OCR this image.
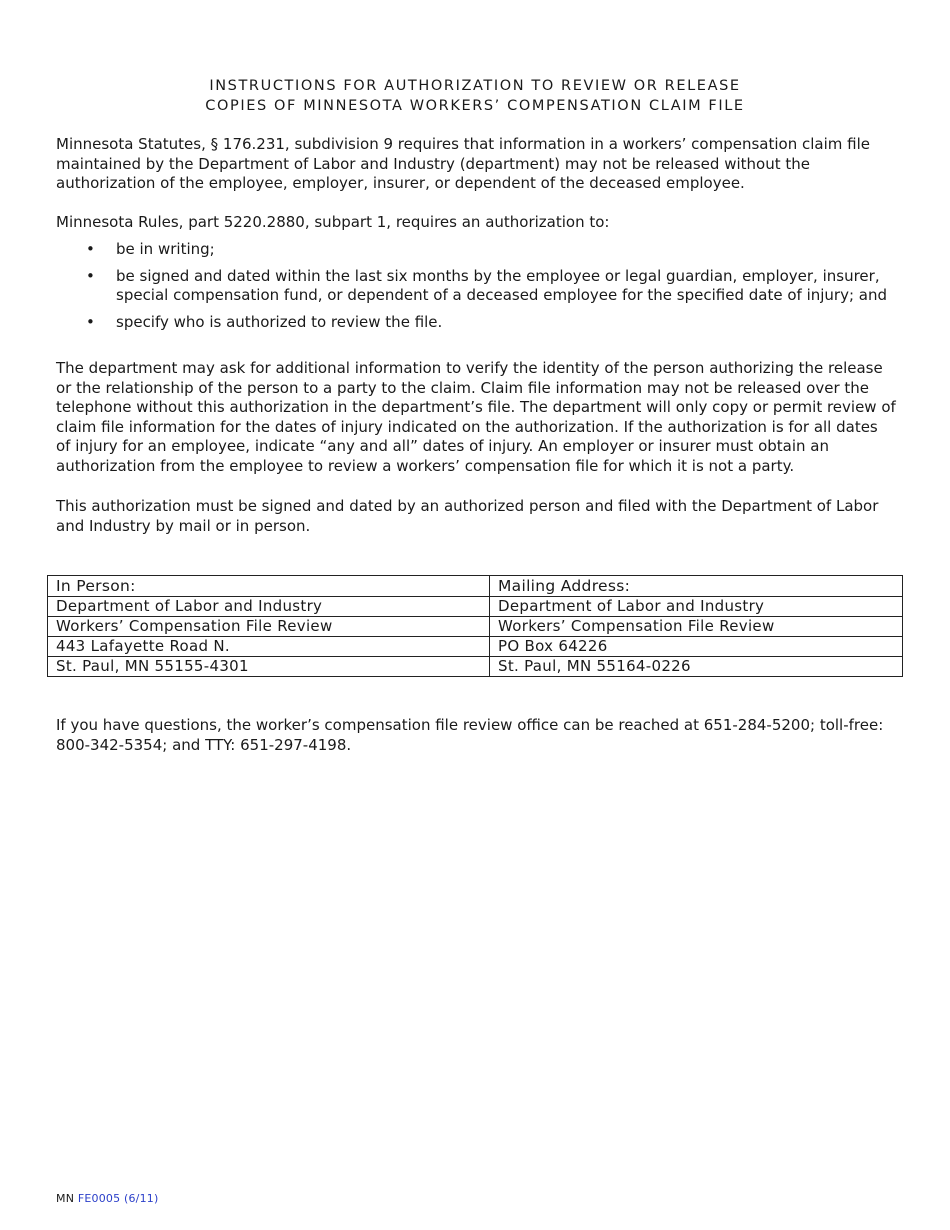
INSTRUCTIONS FOR AUTHORIZATION TO REVIEW OR RELEASE
COPIES OF MINNESOTA WORKERS’ COMPENSATION CLAIM FILE

Minnesota Statutes, § 176.231, subdivision 9 requires that information in a workers’ compensation claim file maintained by the Department of Labor and Industry (department) may not be released without the authorization of the employee, employer, insurer, or dependent of the deceased employee.

Minnesota Rules, part 5220.2880, subpart 1, requires an authorization to:

• be in writing;
• be signed and dated within the last six months by the employee or legal guardian, employer, insurer, special compensation fund, or dependent of a deceased employee for the specified date of injury; and
• specify who is authorized to review the file.

The department may ask for additional information to verify the identity of the person authorizing the release or the relationship of the person to a party to the claim. Claim file information may not be released over the telephone without this authorization in the department’s file. The department will only copy or permit review of claim file information for the dates of injury indicated on the authorization. If the authorization is for all dates of injury for an employee, indicate “any and all” dates of injury. An employer or insurer must obtain an authorization from the employee to review a workers’ compensation file for which it is not a party.

This authorization must be signed and dated by an authorized person and filed with the Department of Labor and Industry by mail or in person.

In Person:	Mailing Address:
Department of Labor and Industry	Department of Labor and Industry
Workers’ Compensation File Review	Workers’ Compensation File Review
443 Lafayette Road N.	PO Box 64226
St. Paul, MN 55155-4301	St. Paul, MN 55164-0226

If you have questions, the worker’s compensation file review office can be reached at 651-284-5200; toll-free: 800-342-5354; and TTY: 651-297-4198.

MN FE0005 (6/11)
